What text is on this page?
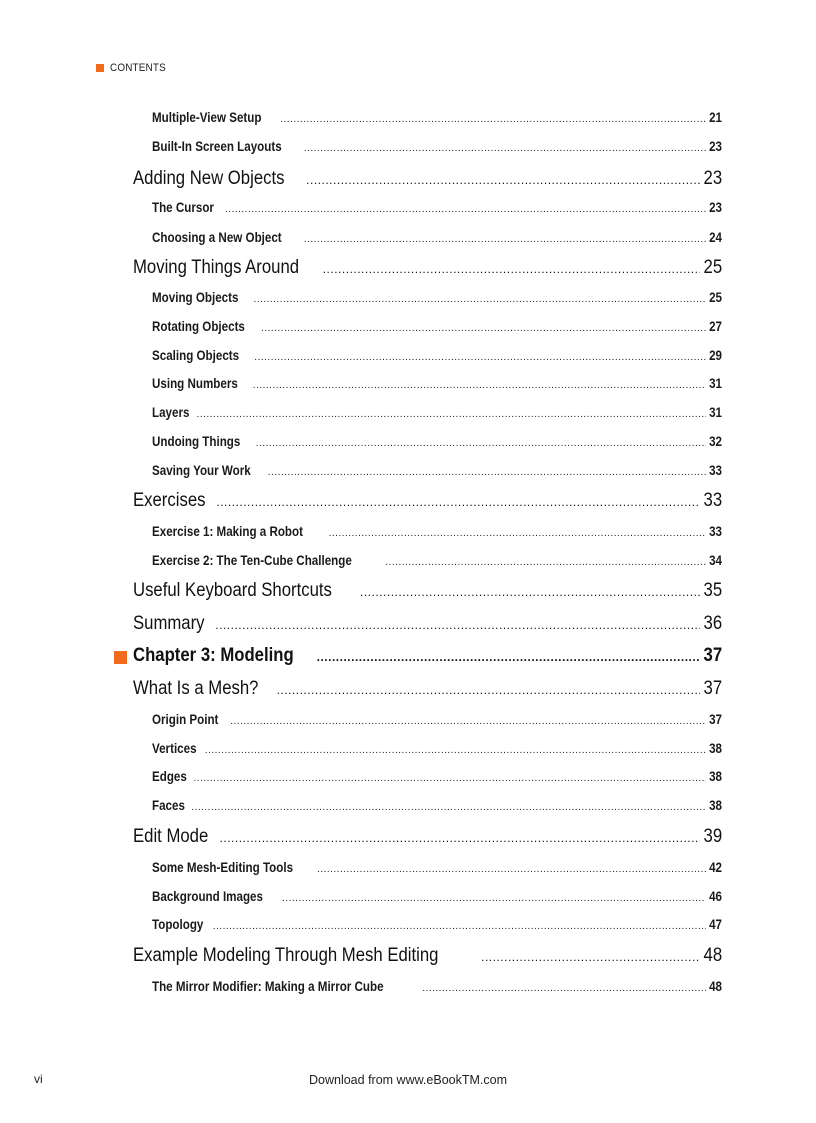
CONTENTS
Multiple-View Setup .....	21
Built-In Screen Layouts .....	23
Adding New Objects .....	23
The Cursor .....	23
Choosing a New Object .....	24
Moving Things Around .....	25
Moving Objects .....	25
Rotating Objects .....	27
Scaling Objects .....	29
Using Numbers .....	31
Layers .....	31
Undoing Things .....	32
Saving Your Work .....	33
Exercises .....	33
Exercise 1: Making a Robot .....	33
Exercise 2: The Ten-Cube Challenge .....	34
Useful Keyboard Shortcuts .....	35
Summary .....	36
Chapter 3: Modeling .....	37
What Is a Mesh? .....	37
Origin Point .....	37
Vertices .....	38
Edges .....	38
Faces .....	38
Edit Mode .....	39
Some Mesh-Editing Tools .....	42
Background Images .....	46
Topology .....	47
Example Modeling Through Mesh Editing .....	48
The Mirror Modifier: Making a Mirror Cube .....	48
vi	Download from www.eBookTM.com
